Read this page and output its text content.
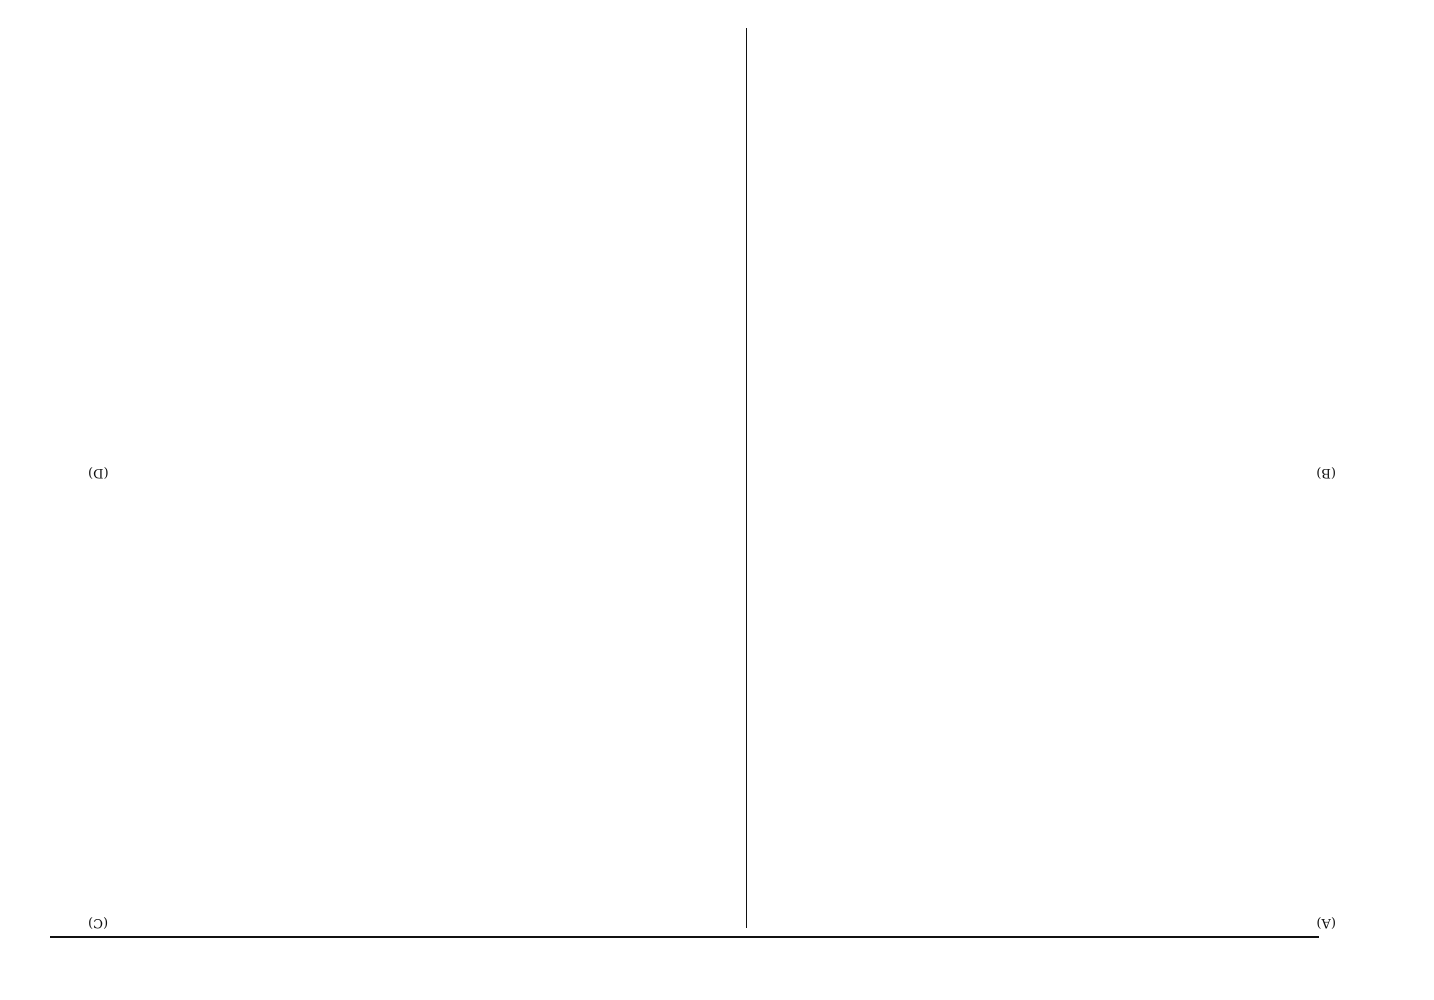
(A)
(B)
(C)
(D)
